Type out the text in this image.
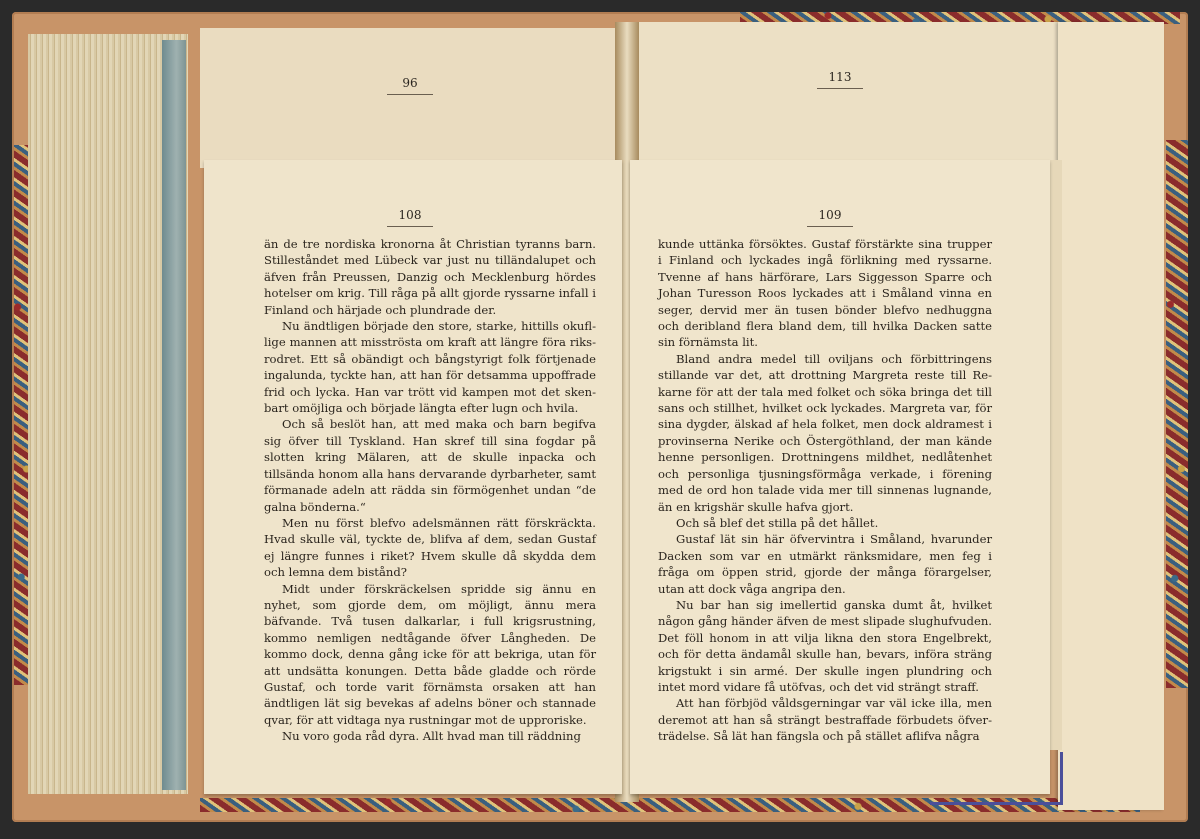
96	113
108

än de tre nordiska kronorna åt Christian tyranns barn. Stilleståndet med Lübeck var just nu tilländalupet och äfven från Preussen, Danzig och Mecklenburg hördes hotelser om krig. Till råga på allt gjorde ryssarne infall i Finland och härjade och plundrade der.

Nu ändtligen började den store, starke, hittills okufllige mannen att misströsta om kraft att längre föra riksrodret. Ett så obändigt och bångstyrigt folk förtjenade ingalunda, tyckte han, att han för detsamma uppoffrade frid och lycka. Han var trött vid kampen mot det skenbart omöjliga och började längta efter lugn och hvila.

Och så beslöt han, att med maka och barn begifva sig öfver till Tyskland. Han skref till sina fogdar på slotten kring Mälaren, att de skulle inpacka och tillsända honom alla hans dervarande dyrbarheter, samt förmanade adeln att rädda sin förmögenhet undan “de galna bönderna.“

Men nu först blefvo adelsmännen rätt förskräckta. Hvad skulle väl, tyckte de, blifva af dem, sedan Gustaf ej längre funnes i riket? Hvem skulle då skydda dem och lemna dem bistånd?

Midt under förskräckelsen spridde sig ännu en nyhet, som gjorde dem, om möjligt, ännu mera bäfvande. Två tusen dalkarlar, i full krigsrustning, kommo nemligen nedtågande öfver Långheden. De kommo dock, denna gång icke för att bekriga, utan för att undsätta konungen. Detta både gladde och rörde Gustaf, och torde varit förnämsta orsaken att han ändtligen lät sig bevekas af adelns böner och stannade qvar, för att vidtaga nya rustningar mot de upproriske.

Nu voro goda råd dyra. Allt hvad man till räddning

109

kunde uttänka försöktes. Gustaf förstärkte sina trupper i Finland och lyckades ingå förlikning med ryssarne. Tvenne af hans härförare, Lars Siggesson Sparre och Johan Turesson Roos lyckades att i Småland vinna en seger, dervid mer än tusen bönder blefvo nedhuggna och deribland flera bland dem, till hvilka Dacken satte sin förnämsta lit.

Bland andra medel till oviljans och förbittringens stillande var det, att drottning Margreta reste till Rekarne för att der tala med folket och söka bringa det till sans och stillhet, hvilket ock lyckades. Margreta var, för sina dygder, älskad af hela folket, men dock aldramest i provinserna Nerike och Östergöthland, der man kände henne personligen. Drottningens mildhet, nedlåtenhet och personliga tjusningsförmåga verkade, i förening med de ord hon talade vida mer till sinnenas lugnande, än en krigshär skulle hafva gjort.

Och så blef det stilla på det hållet.

Gustaf lät sin här öfvervintra i Småland, hvarunder Dacken som var en utmärkt ränksmidare, men feg i fråga om öppen strid, gjorde der många förargelser, utan att dock våga angripa den.

Nu bar han sig imellertid ganska dumt åt, hvilket någon gång händer äfven de mest slipade slughufvuden. Det föll honom in att vilja likna den stora Engelbrekt, och för detta ändamål skulle han, bevars, införa sträng krigstukt i sin armé. Der skulle ingen plundring och intet mord vidare få utöfvas, och det vid strängt straff.

Att han förbjöd våldsgerningar var väl icke illa, men deremot att han så strängt bestraffade förbudets öfverträdelse. Så lät han fängsla och på stället aflifva några
